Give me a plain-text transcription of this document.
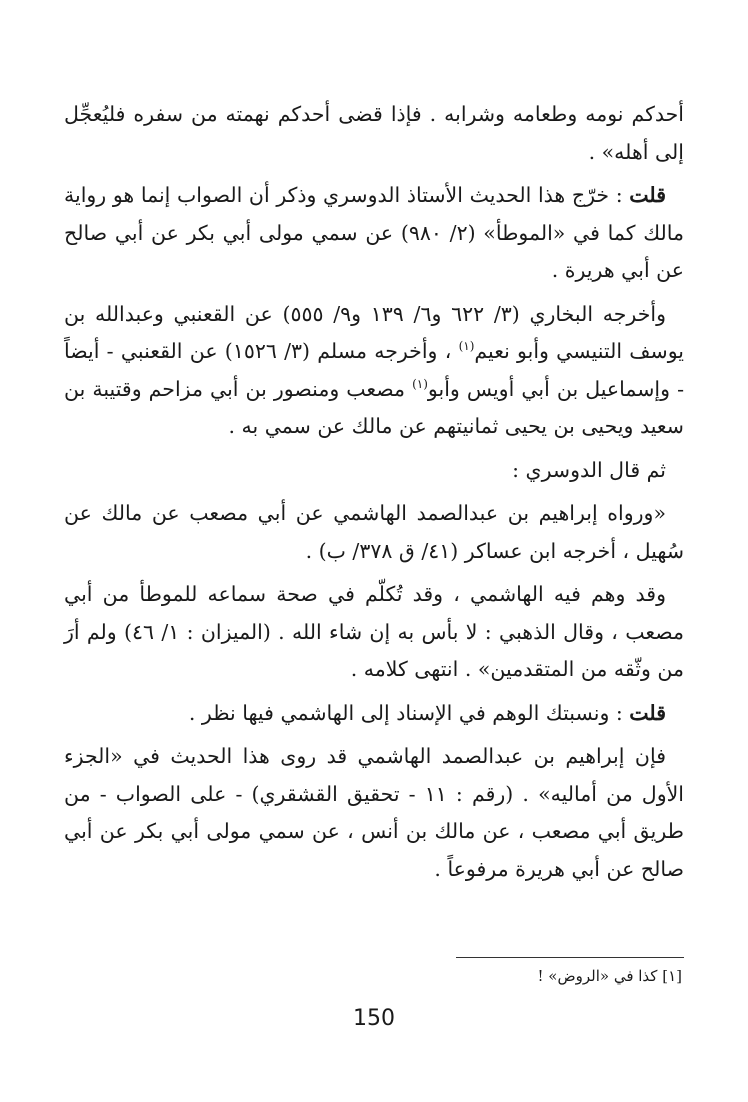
أحدكم نومه وطعامه وشرابه . فإذا قضى أحدكم نهمته من سفره فليُعجِّل إلى أهله» .

قلت : خرّج هذا الحديث الأستاذ الدوسري وذكر أن الصواب إنما هو رواية مالك كما في «الموطأ» (٢/ ٩٨٠) عن سمي مولى أبي بكر عن أبي صالح عن أبي هريرة .

وأخرجه البخاري (٣/ ٦٢٢ و٦/ ١٣٩ و٩/ ٥٥٥) عن القعنبي وعبدالله بن يوسف التنيسي وأبو نعيم$^{(١)}$ ، وأخرجه مسلم (٣/ ١٥٢٦) عن القعنبي - أيضاً - وإسماعيل بن أبي أويس وأبو$^{(١)}$ مصعب ومنصور بن أبي مزاحم وقتيبة بن سعيد ويحيى بن يحيى ثمانيتهم عن مالك عن سمي به .

ثم قال الدوسري :

«ورواه إبراهيم بن عبدالصمد الهاشمي عن أبي مصعب عن مالك عن سُهيل ، أخرجه ابن عساكر (٤١/ ق ٣٧٨/ ب) .

وقد وهم فيه الهاشمي ، وقد تُكلّم في صحة سماعه للموطأ من أبي مصعب ، وقال الذهبي : لا بأس به إن شاء الله . (الميزان : ١/ ٤٦) ولم أرَ من وثّقه من المتقدمين» . انتهى كلامه .

قلت : ونسبتك الوهم في الإسناد إلى الهاشمي فيها نظر .

فإن إبراهيم بن عبدالصمد الهاشمي قد روى هذا الحديث في «الجزء الأول من أماليه» . (رقم : ١١ - تحقيق القشقري) - على الصواب - من طريق أبي مصعب ، عن مالك بن أنس ، عن سمي مولى أبي بكر عن أبي صالح عن أبي هريرة مرفوعاً .

[١] كذا في «الروض» !
150
